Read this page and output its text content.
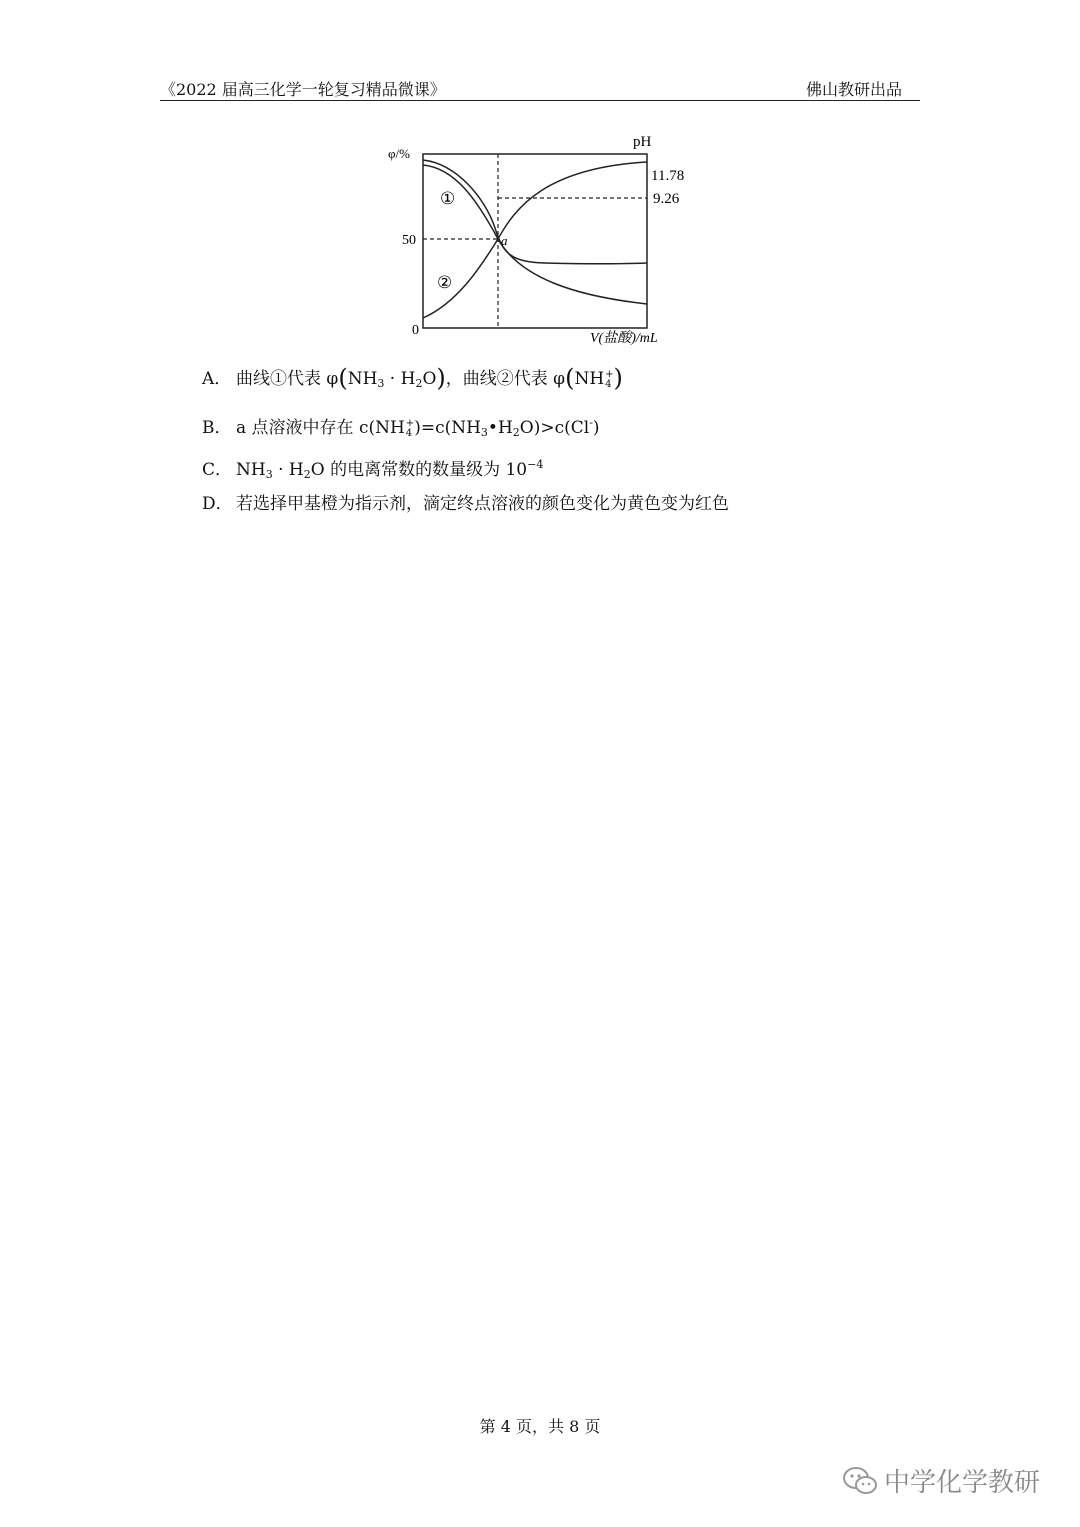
《2022 届高三化学一轮复习精品微课》	佛山教研出品
φ/%
pH
50
0
11.78
9.26
V(盐酸)/mL
①
②
a
A． 曲线①代表 $\varphi(NH_3 \cdot H_2O)$，曲线②代表 φ(NH +
4 )
B． a 点溶液中存在 c(NH +
4 )$=c(NH_3•H_2O)>c(Cl^-)$
C． $NH_3 \cdot H_2O$ 的电离常数的数量级为 $10^{-4}$
D． 若选择甲基橙为指示剂，滴定终点溶液的颜色变化为黄色变为红色
第 4 页，共 8 页
中学化学教研
